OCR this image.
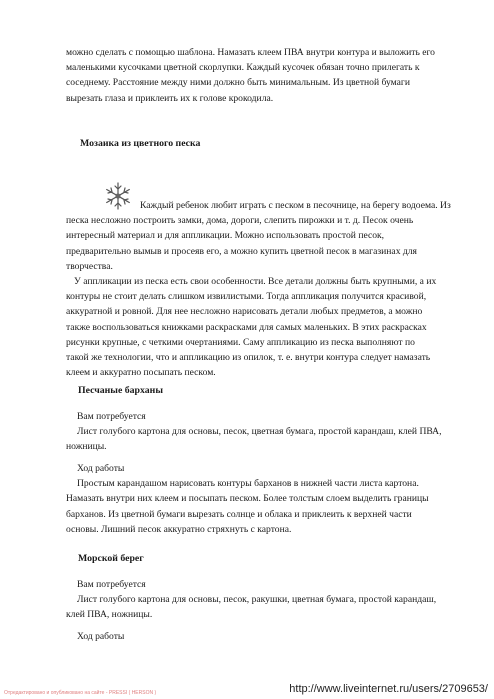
можно сделать с помощью шаблона. Намазать клеем ПВА внутри контура и выложить его
маленькими кусочками цветной скорлупки. Каждый кусочек обязан точно прилегать к
соседнему. Расстояние между ними должно быть минимальным. Из цветной бумаги
вырезать глаза и приклеить их к голове крокодила.
Мозаика из цветного песка
Каждый ребенок любит играть с песком в песочнице, на берегу водоема. Из
песка несложно построить замки, дома, дороги, слепить пирожки и т. д. Песок очень
интересный материал и для аппликации. Можно использовать простой песок,
предварительно вымыв и просеяв его, а можно купить цветной песок в магазинах для
творчества.
У аппликации из песка есть свои особенности. Все детали должны быть крупными, а их
контуры не стоит делать слишком извилистыми. Тогда аппликация получится красивой,
аккуратной и ровной. Для нее несложно нарисовать детали любых предметов, а можно
также воспользоваться книжками раскрасками для самых маленьких. В этих раскрасках
рисунки крупные, с четкими очертаниями. Саму аппликацию из песка выполняют по
такой же технологии, что и аппликацию из опилок, т. е. внутри контура следует намазать
клеем и аккуратно посыпать песком.
Песчаные барханы
Вам потребуется
Лист голубого картона для основы, песок, цветная бумага, простой карандаш, клей ПВА,
ножницы.
Ход работы
Простым карандашом нарисовать контуры барханов в нижней части листа картона.
Намазать внутри них клеем и посыпать песком. Более толстым слоем выделить границы
барханов. Из цветной бумаги вырезать солнце и облака и приклеить к верхней части
основы. Лишний песок аккуратно стряхнуть с картона.
Морской берег
Вам потребуется
Лист голубого картона для основы, песок, ракушки, цветная бумага, простой карандаш,
клей ПВА, ножницы.
Ход работы
Отредактировано и опубликовано на сайте - PRESSI ( HERSON )	http://www.liveinternet.ru/users/2709653/
